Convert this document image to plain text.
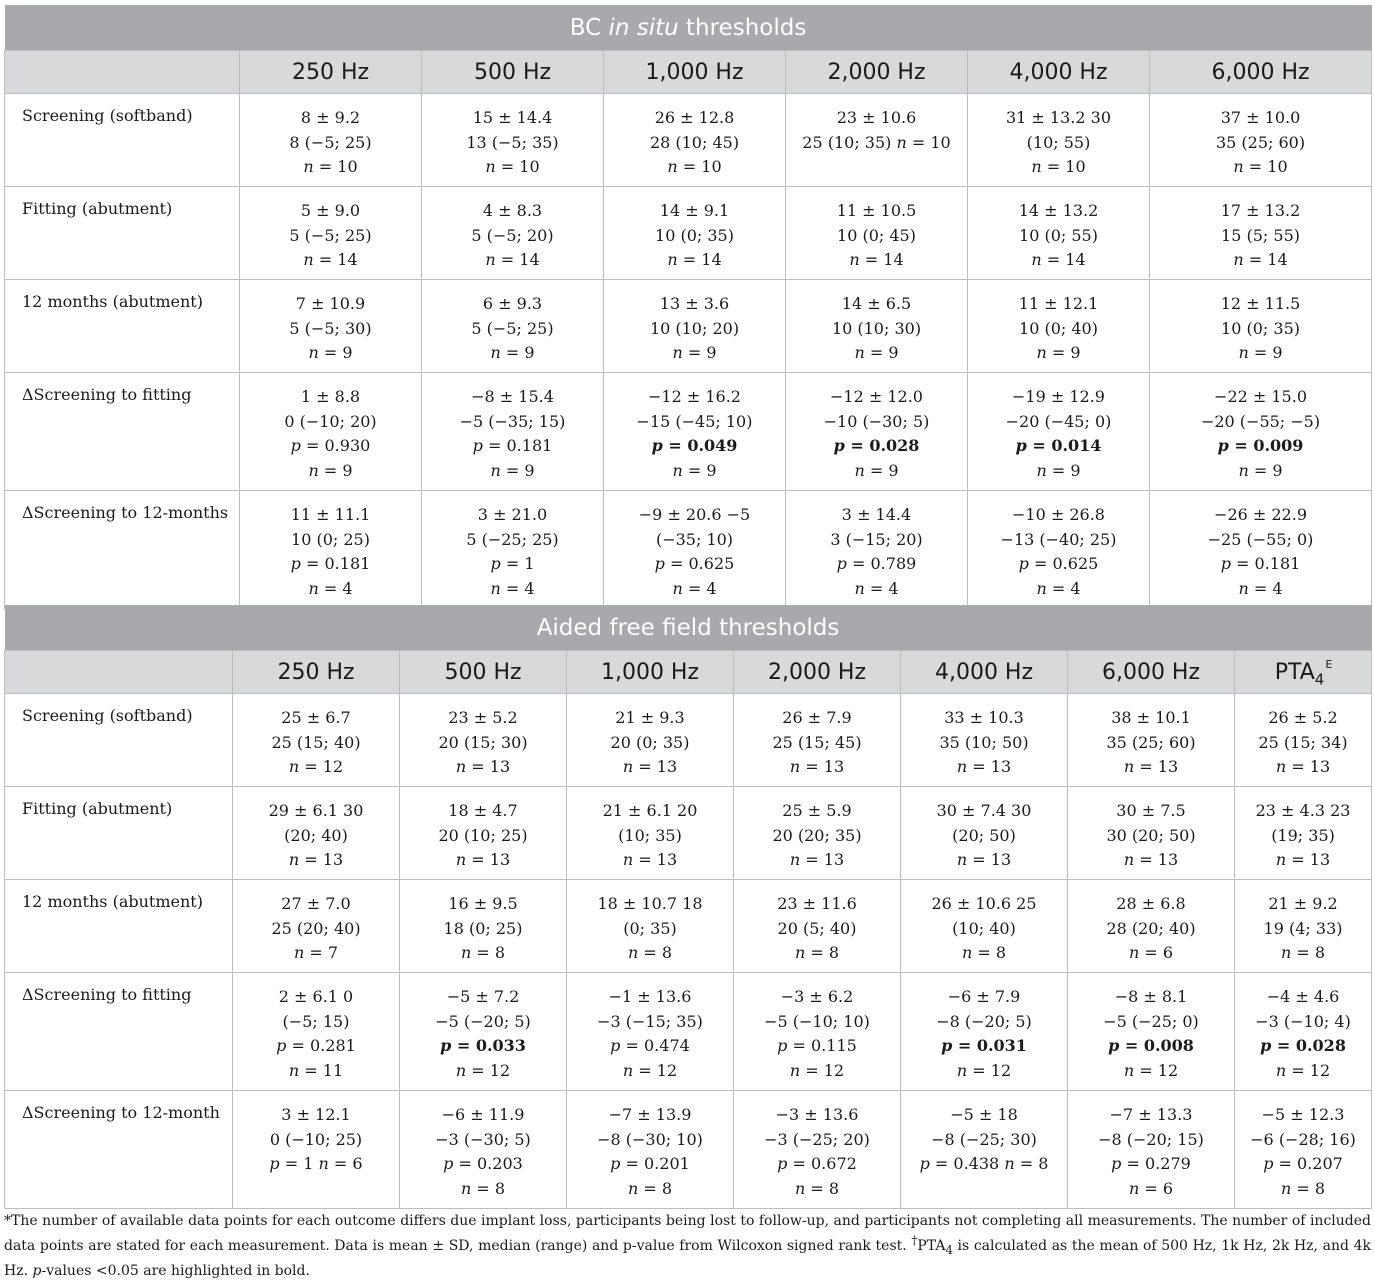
BC in situ thresholds						
	250 Hz	500 Hz	1,000 Hz	2,000 Hz	4,000 Hz	6,000 Hz
Screening (softband)	8 ± 9.2
8 (−5; 25)
n = 10	15 ± 14.4
13 (−5; 35)
n = 10	26 ± 12.8
28 (10; 45)
n = 10	23 ± 10.6
25 (10; 35) n = 10	31 ± 13.2 30
(10; 55)
n = 10	37 ± 10.0
35 (25; 60)
n = 10

Fitting (abutment)	5 ± 9.0
5 (−5; 25)
n = 14	4 ± 8.3
5 (−5; 20)
n = 14	14 ± 9.1
10 (0; 35)
n = 14	11 ± 10.5
10 (0; 45)
n = 14	14 ± 13.2
10 (0; 55)
n = 14	17 ± 13.2
15 (5; 55)
n = 14

12 months (abutment)	7 ± 10.9
5 (−5; 30)
n = 9	6 ± 9.3
5 (−5; 25)
n = 9	13 ± 3.6
10 (10; 20)
n = 9	14 ± 6.5
10 (10; 30)
n = 9	11 ± 12.1
10 (0; 40)
n = 9	12 ± 11.5
10 (0; 35)
n = 9

ΔScreening to fitting	1 ± 8.8
0 (−10; 20)
p = 0.930
n = 9	−8 ± 15.4
−5 (−35; 15)
p = 0.181
n = 9	−12 ± 16.2
−15 (−45; 10)
p = 0.049
n = 9	−12 ± 12.0
−10 (−30; 5)
p = 0.028
n = 9	−19 ± 12.9
−20 (−45; 0)
p = 0.014
n = 9	−22 ± 15.0
−20 (−55; −5)
p = 0.009
n = 9

ΔScreening to 12-months	11 ± 11.1
10 (0; 25)
p = 0.181
n = 4	3 ± 21.0
5 (−25; 25)
p = 1
n = 4	−9 ± 20.6 −5
(−35; 10)
p = 0.625
n = 4	3 ± 14.4
3 (−15; 20)
p = 0.789
n = 4	−10 ± 26.8
−13 (−40; 25)
p = 0.625
n = 4	−26 ± 22.9
−25 (−55; 0)
p = 0.181
n = 4
Aided free field thresholds							
	250 Hz	500 Hz	1,000 Hz	2,000 Hz	4,000 Hz	6,000 Hz	$PTA_4^E$
Screening (softband)	25 ± 6.7
25 (15; 40)
n = 12	23 ± 5.2
20 (15; 30)
n = 13	21 ± 9.3
20 (0; 35)
n = 13	26 ± 7.9
25 (15; 45)
n = 13	33 ± 10.3
35 (10; 50)
n = 13	38 ± 10.1
35 (25; 60)
n = 13	26 ± 5.2
25 (15; 34)
n = 13

Fitting (abutment)	29 ± 6.1 30
(20; 40)
n = 13	18 ± 4.7
20 (10; 25)
n = 13	21 ± 6.1 20
(10; 35)
n = 13	25 ± 5.9
20 (20; 35)
n = 13	30 ± 7.4 30
(20; 50)
n = 13	30 ± 7.5
30 (20; 50)
n = 13	23 ± 4.3 23
(19; 35)
n = 13

12 months (abutment)	27 ± 7.0
25 (20; 40)
n = 7	16 ± 9.5
18 (0; 25)
n = 8	18 ± 10.7 18
(0; 35)
n = 8	23 ± 11.6
20 (5; 40)
n = 8	26 ± 10.6 25
(10; 40)
n = 8	28 ± 6.8
28 (20; 40)
n = 6	21 ± 9.2
19 (4; 33)
n = 8

ΔScreening to fitting	2 ± 6.1 0
(−5; 15)
p = 0.281
n = 11	−5 ± 7.2
−5 (−20; 5)
p = 0.033
n = 12	−1 ± 13.6
−3 (−15; 35)
p = 0.474
n = 12	−3 ± 6.2
−5 (−10; 10)
p = 0.115
n = 12	−6 ± 7.9
−8 (−20; 5)
p = 0.031
n = 12	−8 ± 8.1
−5 (−25; 0)
p = 0.008
n = 12	−4 ± 4.6
−3 (−10; 4)
p = 0.028
n = 12

ΔScreening to 12-month	3 ± 12.1
0 (−10; 25)
p = 1 n = 6	−6 ± 11.9
−3 (−30; 5)
p = 0.203
n = 8	−7 ± 13.9
−8 (−30; 10)
p = 0.201
n = 8	−3 ± 13.6
−3 (−25; 20)
p = 0.672
n = 8	−5 ± 18
−8 (−25; 30)
p = 0.438 n = 8	−7 ± 13.3
−8 (−20; 15)
p = 0.279
n = 6	−5 ± 12.3
−6 (−28; 16)
p = 0.207
n = 8
*The number of available data points for each outcome differs due implant loss, participants being lost to follow-up, and participants not completing all measurements. The number of included data points are stated for each measurement. Data is mean ± SD, median (range) and p-value from Wilcoxon signed rank test. $^\dagger PTA_4$ is calculated as the mean of 500 Hz, 1k Hz, 2k Hz, and 4k Hz. p-values <0.05 are highlighted in bold.
